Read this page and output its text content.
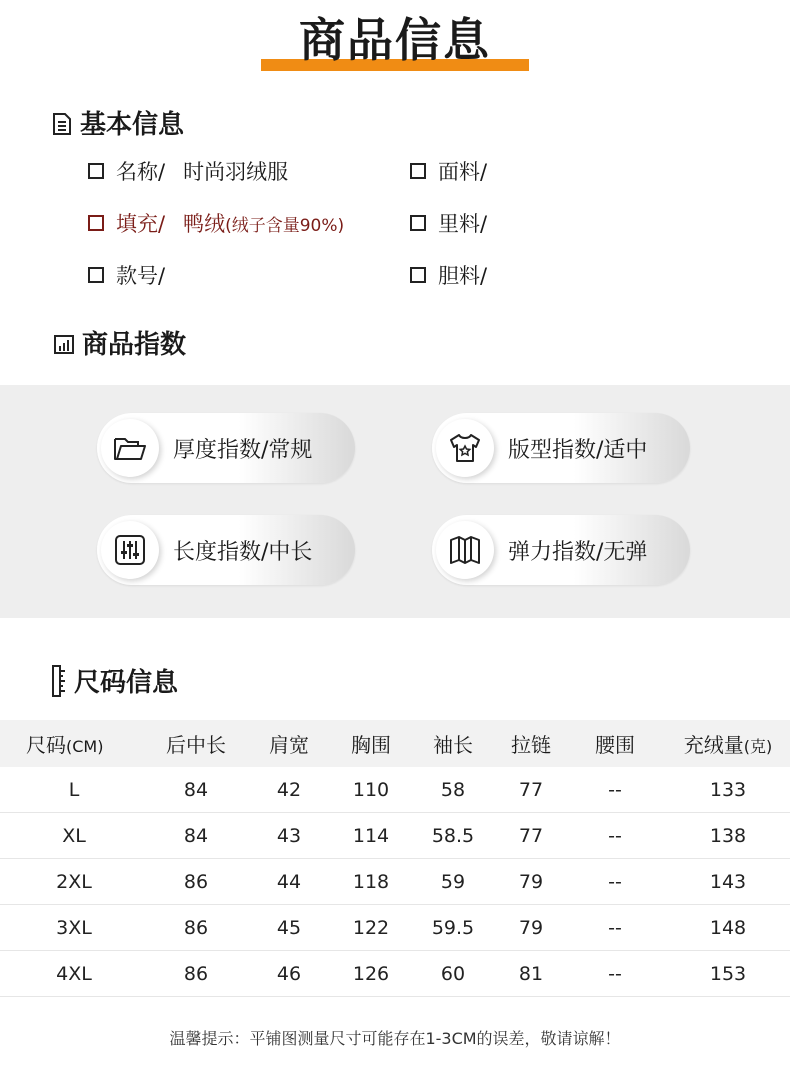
商品信息
基本信息
名称/ 时尚羽绒服	面料/
填充/ 鸭绒 (绒子含量90%)	里料/
款号/	胆料/
商品指数
厚度指数/常规	版型指数/适中
长度指数/中长	弹力指数/无弹
尺码信息
尺码(CM)	后中长	肩宽	胸围	袖长	拉链	腰围	充绒量(克)
L	84	42	110	58	77	--	133
XL	84	43	114	58.5	77	--	138
2XL	86	44	118	59	79	--	143
3XL	86	45	122	59.5	79	--	148
4XL	86	46	126	60	81	--	153
温馨提示：平铺图测量尺寸可能存在1-3CM的误差，敬请谅解！
